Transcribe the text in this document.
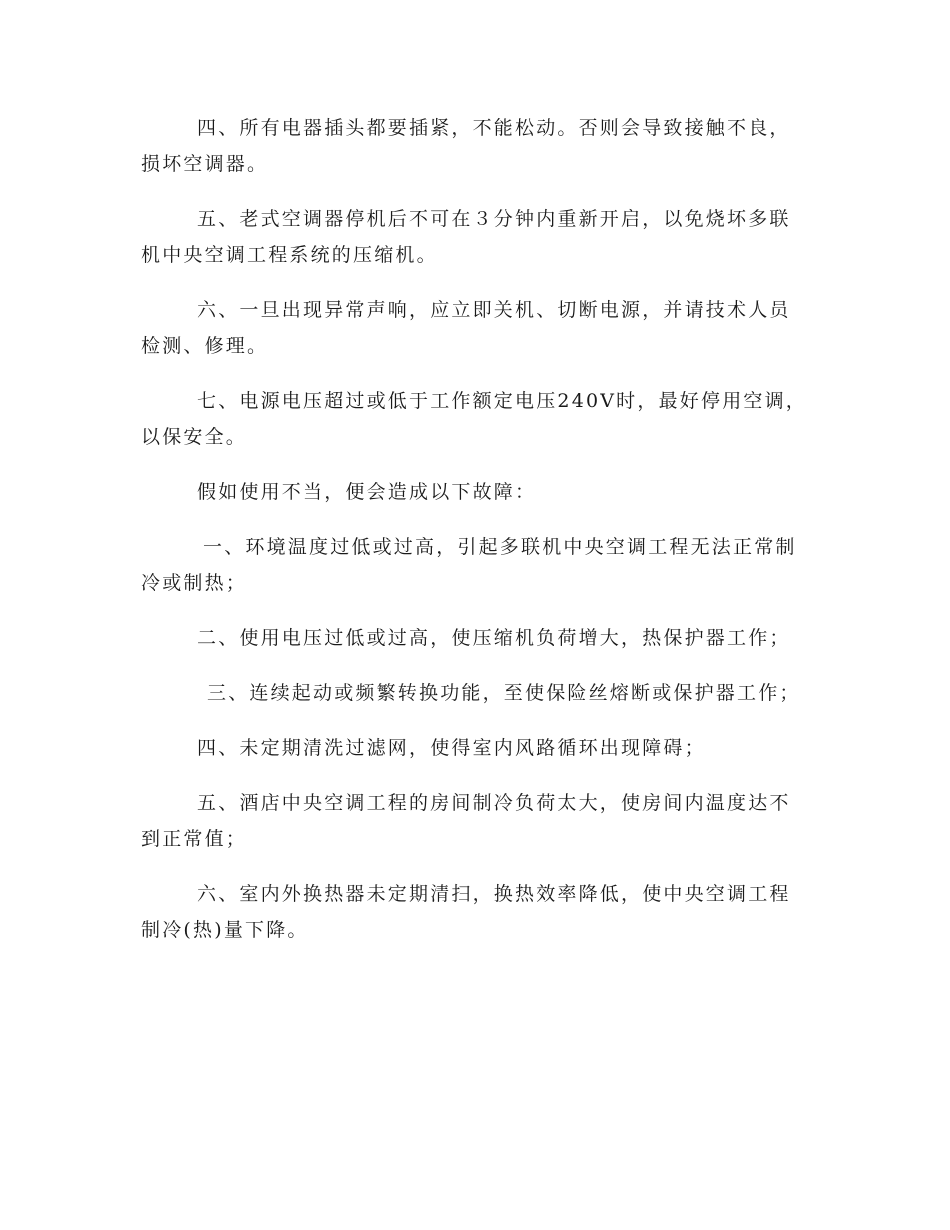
四、所有电器插头都要插紧，不能松动。否则会导致接触不良，损坏空调器。

五、老式空调器停机后不可在３分钟内重新开启，以免烧坏多联机中央空调工程系统的压缩机。

六、一旦出现异常声响，应立即关机、切断电源，并请技术人员检测、修理。

七、电源电压超过或低于工作额定电压240V时，最好停用空调，以保安全。

假如使用不当，便会造成以下故障：

一、环境温度过低或过高，引起多联机中央空调工程无法正常制冷或制热；

二、使用电压过低或过高，使压缩机负荷增大，热保护器工作；

三、连续起动或频繁转换功能，至使保险丝熔断或保护器工作；

四、未定期清洗过滤网，使得室内风路循环出现障碍；

五、酒店中央空调工程的房间制冷负荷太大，使房间内温度达不到正常值；

六、室内外换热器未定期清扫，换热效率降低，使中央空调工程制冷(热)量下降。
